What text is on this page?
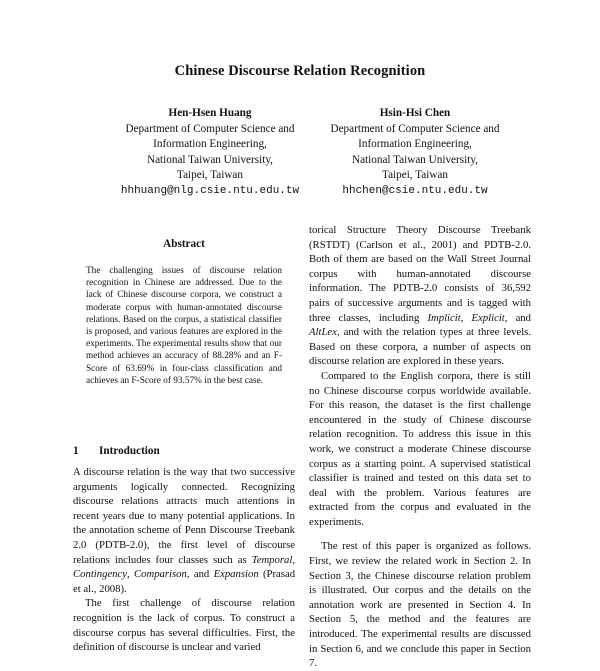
Chinese Discourse Relation Recognition
Hen-Hsen Huang
Department of Computer Science and
Information Engineering,
National Taiwan University,
Taipei, Taiwan
hhhuang@nlg.csie.ntu.edu.tw
Hsin-Hsi Chen
Department of Computer Science and
Information Engineering,
National Taiwan University,
Taipei, Taiwan
hhchen@csie.ntu.edu.tw
Abstract
The challenging issues of discourse relation recognition in Chinese are addressed. Due to the lack of Chinese discourse corpora, we construct a moderate corpus with human-annotated discourse relations. Based on the corpus, a statistical classifier is proposed, and various features are explored in the experiments. The experimental results show that our method achieves an accuracy of 88.28% and an F-Score of 63.69% in four-class classification and achieves an F-Score of 93.57% in the best case.
1 Introduction

A discourse relation is the way that two successive arguments logically connected. Recognizing discourse relations attracts much attentions in recent years due to many potential applications. In the annotation scheme of Penn Discourse Treebank 2.0 (PDTB-2.0), the first level of discourse relations includes four classes such as Temporal, Contingency, Comparison, and Expansion (Prasad et al., 2008).

The first challenge of discourse relation recognition is the lack of corpus. To construct a discourse corpus has several difficulties. First, the definition of discourse is unclear and varied

torical Structure Theory Discourse Treebank (RSTDT) (Carlson et al., 2001) and PDTB-2.0. Both of them are based on the Wall Street Journal corpus with human-annotated discourse information. The PDTB-2.0 consists of 36,592 pairs of successive arguments and is tagged with three classes, including Implicit, Explicit, and AltLex, and with the relation types at three levels. Based on these corpora, a number of aspects on discourse relation are explored in these years.

Compared to the English corpora, there is still no Chinese discourse corpus worldwide available. For this reason, the dataset is the first challenge encountered in the study of Chinese discourse relation recognition. To address this issue in this work, we construct a moderate Chinese discourse corpus as a starting point. A supervised statistical classifier is trained and tested on this data set to deal with the problem. Various features are extracted from the corpus and evaluated in the experiments.

The rest of this paper is organized as follows. First, we review the related work in Section 2. In Section 3, the Chinese discourse relation problem is illustrated. Our corpus and the details on the annotation work are presented in Section 4. In Section 5, the method and the features are introduced. The experimental results are discussed in Section 6, and we conclude this paper in Section 7.
